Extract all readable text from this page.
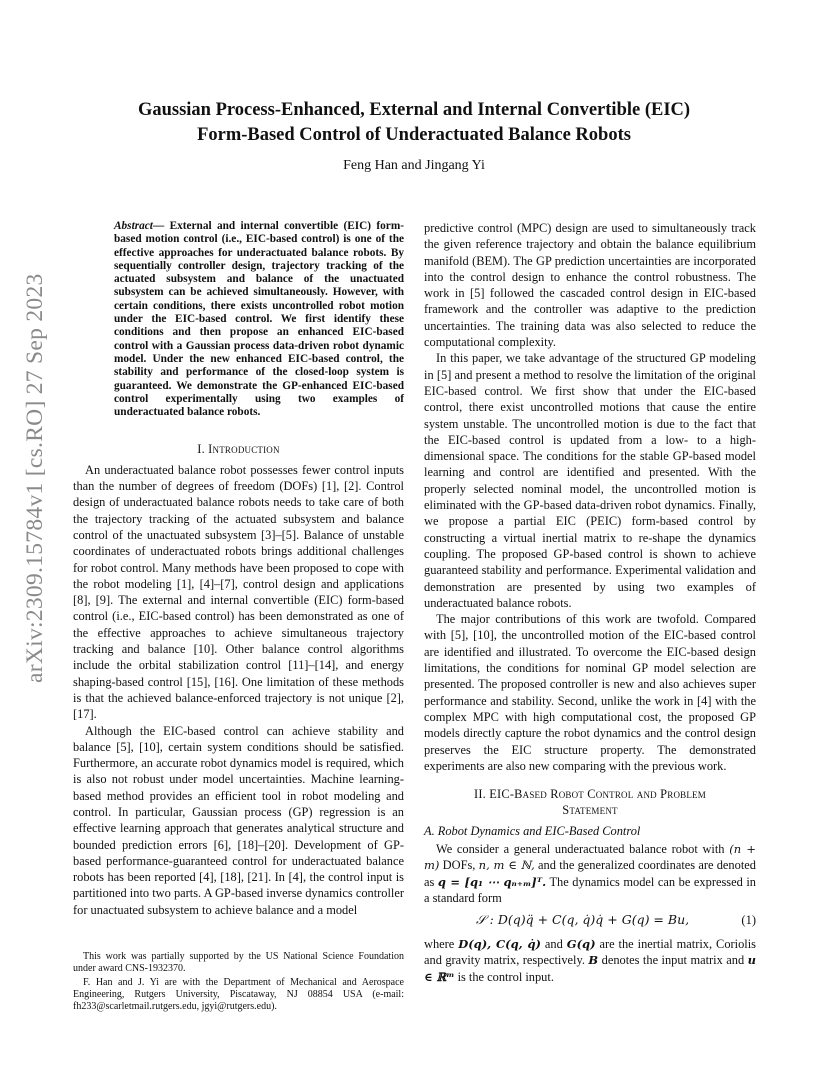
arXiv:2309.15784v1 [cs.RO] 27 Sep 2023
Gaussian Process-Enhanced, External and Internal Convertible (EIC)
Form-Based Control of Underactuated Balance Robots
Feng Han and Jingang Yi
Abstract— External and internal convertible (EIC) form-based motion control (i.e., EIC-based control) is one of the effective approaches for underactuated balance robots. By sequentially controller design, trajectory tracking of the actuated subsystem and balance of the unactuated subsystem can be achieved simultaneously. However, with certain conditions, there exists uncontrolled robot motion under the EIC-based control. We first identify these conditions and then propose an enhanced EIC-based control with a Gaussian process data-driven robot dynamic model. Under the new enhanced EIC-based control, the stability and performance of the closed-loop system is guaranteed. We demonstrate the GP-enhanced EIC-based control experimentally using two examples of underactuated balance robots.
I. Introduction

An underactuated balance robot possesses fewer control inputs than the number of degrees of freedom (DOFs) [1], [2]. Control design of underactuated balance robots needs to take care of both the trajectory tracking of the actuated subsystem and balance control of the unactuated subsystem [3]–[5]. Balance of unstable coordinates of underactuated robots brings additional challenges for robot control. Many methods have been proposed to cope with the robot modeling [1], [4]–[7], control design and applications [8], [9]. The external and internal convertible (EIC) form-based control (i.e., EIC-based control) has been demonstrated as one of the effective approaches to achieve simultaneous trajectory tracking and balance [10]. Other balance control algorithms include the orbital stabilization control [11]–[14], and energy shaping-based control [15], [16]. One limitation of these methods is that the achieved balance-enforced trajectory is not unique [2], [17].

Although the EIC-based control can achieve stability and balance [5], [10], certain system conditions should be satisfied. Furthermore, an accurate robot dynamics model is required, which is also not robust under model uncertainties. Machine learning-based method provides an efficient tool in robot modeling and control. In particular, Gaussian process (GP) regression is an effective learning approach that generates analytical structure and bounded prediction errors [6], [18]–[20]. Development of GP-based performance-guaranteed control for underactuated balance robots has been reported [4], [18], [21]. In [4], the control input is partitioned into two parts. A GP-based inverse dynamics controller for unactuated subsystem to achieve balance and a model

This work was partially supported by the US National Science Foundation under award CNS-1932370.

F. Han and J. Yi are with the Department of Mechanical and Aerospace Engineering, Rutgers University, Piscataway, NJ 08854 USA (e-mail: fh233@scarletmail.rutgers.edu, jgyi@rutgers.edu).

predictive control (MPC) design are used to simultaneously track the given reference trajectory and obtain the balance equilibrium manifold (BEM). The GP prediction uncertainties are incorporated into the control design to enhance the control robustness. The work in [5] followed the cascaded control design in EIC-based framework and the controller was adaptive to the prediction uncertainties. The training data was also selected to reduce the computational complexity.

In this paper, we take advantage of the structured GP modeling in [5] and present a method to resolve the limitation of the original EIC-based control. We first show that under the EIC-based control, there exist uncontrolled motions that cause the entire system unstable. The uncontrolled motion is due to the fact that the EIC-based control is updated from a low- to a high-dimensional space. The conditions for the stable GP-based model learning and control are identified and presented. With the properly selected nominal model, the uncontrolled motion is eliminated with the GP-based data-driven robot dynamics. Finally, we propose a partial EIC (PEIC) form-based control by constructing a virtual inertial matrix to re-shape the dynamics coupling. The proposed GP-based control is shown to achieve guaranteed stability and performance. Experimental validation and demonstration are presented by using two examples of underactuated balance robots.

The major contributions of this work are twofold. Compared with [5], [10], the uncontrolled motion of the EIC-based control are identified and illustrated. To overcome the EIC-based design limitations, the conditions for nominal GP model selection are presented. The proposed controller is new and also achieves super performance and stability. Second, unlike the work in [4] with the complex MPC with high computational cost, the proposed GP models directly capture the robot dynamics and the control design preserves the EIC structure property. The demonstrated experiments are also new comparing with the previous work.

II. EIC-Based Robot Control and Problem
Statement
A. Robot Dynamics and EIC-Based Control

We consider a general underactuated balance robot with (n + m) DOFs, n, m ∈ ℕ, and the generalized coordinates are denoted as q = [q₁ ⋯ qₙ₊ₘ]ᵀ. The dynamics model can be expressed in a standard form

𝒮 : D(q)q̈ + C(q, q̇)q̇ + G(q) = Bu,	(1)

where D(q), C(q, q̇) and G(q) are the inertial matrix, Coriolis and gravity matrix, respectively. B denotes the input matrix and u ∈ ℝᵐ is the control input.
